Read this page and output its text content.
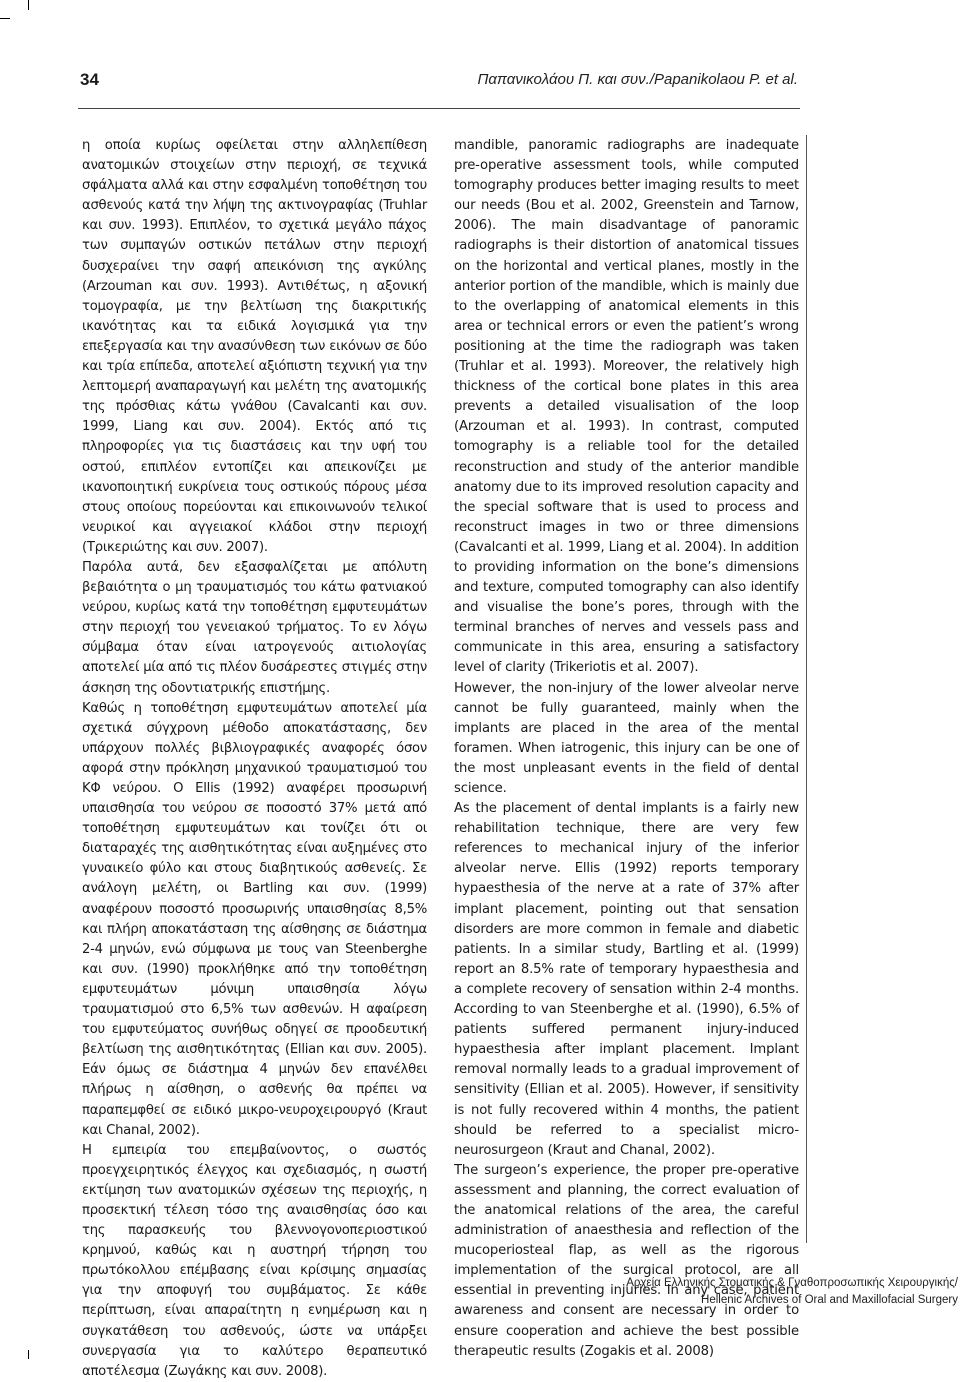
34	Παπανικολάου Π. και συν./Papanikolaou P. et al.

η οποία κυρίως οφείλεται στην αλληλεπίθεση ανατομικών στοιχείων στην περιοχή, σε τεχνικά σφάλματα αλλά και στην εσφαλμένη τοποθέτηση του ασθενούς κατά την λήψη της ακτινογραφίας (Truhlar και συν. 1993). Επιπλέον, το σχετικά μεγάλο πάχος των συμπαγών οστικών πετάλων στην περιοχή δυσχεραίνει την σαφή απεικόνιση της αγκύλης (Arzouman και συν. 1993). Αντιθέτως, η αξονική τομογραφία, με την βελτίωση της διακριτικής ικανότητας και τα ειδικά λογισμικά για την επεξεργασία και την ανασύνθεση των εικόνων σε δύο και τρία επίπεδα, αποτελεί αξιόπιστη τεχνική για την λεπτομερή αναπαραγωγή και μελέτη της ανατομικής της πρόσθιας κάτω γνάθου (Cavalcanti και συν. 1999, Liang και συν. 2004). Εκτός από τις πληροφορίες για τις διαστάσεις και την υφή του οστού, επιπλέον εντοπίζει και απεικονίζει με ικανοποιητική ευκρίνεια τους οστικούς πόρους μέσα στους οποίους πορεύονται και επικοινωνούν τελικοί νευρικοί και αγγειακοί κλάδοι στην περιοχή (Τρικεριώτης και συν. 2007).

Παρόλα αυτά, δεν εξασφαλίζεται με απόλυτη βεβαιότητα ο μη τραυματισμός του κάτω φατνιακού νεύρου, κυρίως κατά την τοποθέτηση εμφυτευμάτων στην περιοχή του γενειακού τρήματος. Το εν λόγω σύμβαμα όταν είναι ιατρογενούς αιτιολογίας αποτελεί μία από τις πλέον δυσάρεστες στιγμές στην άσκηση της οδοντιατρικής επιστήμης.

Καθώς η τοποθέτηση εμφυτευμάτων αποτελεί μία σχετικά σύγχρονη μέθοδο αποκατάστασης, δεν υπάρχουν πολλές βιβλιογραφικές αναφορές όσον αφορά στην πρόκληση μηχανικού τραυματισμού του ΚΦ νεύρου. Ο Ellis (1992) αναφέρει προσωρινή υπαισθησία του νεύρου σε ποσοστό 37% μετά από τοποθέτηση εμφυτευμάτων και τονίζει ότι οι διαταραχές της αισθητικότητας είναι αυξημένες στο γυναικείο φύλο και στους διαβητικούς ασθενείς. Σε ανάλογη μελέτη, οι Bartling και συν. (1999) αναφέρουν ποσοστό προσωρινής υπαισθησίας 8,5% και πλήρη αποκατάσταση της αίσθησης σε διάστημα 2-4 μηνών, ενώ σύμφωνα με τους van Steenberghe και συν. (1990) προκλήθηκε από την τοποθέτηση εμφυτευμάτων μόνιμη υπαισθησία λόγω τραυματισμού στο 6,5% των ασθενών. Η αφαίρεση του εμφυτεύματος συνήθως οδηγεί σε προοδευτική βελτίωση της αισθητικότητας (Ellian και συν. 2005). Εάν όμως σε διάστημα 4 μηνών δεν επανέλθει πλήρως η αίσθηση, ο ασθενής θα πρέπει να παραπεμφθεί σε ειδικό μικρο-νευροχειρουργό (Kraut και Chanal, 2002).

Η εμπειρία του επεμβαίνοντος, ο σωστός προεγχειρητικός έλεγχος και σχεδιασμός, η σωστή εκτίμηση των ανατομικών σχέσεων της περιοχής, η προσεκτική τέλεση τόσο της αναισθησίας όσο και της παρασκευής του βλεννογονοπεριοστικού κρημνού, καθώς και η αυστηρή τήρηση του πρωτόκολλου επέμβασης είναι κρίσιμης σημασίας για την αποφυγή του συμβάματος. Σε κάθε περίπτωση, είναι απαραίτητη η ενημέρωση και η συγκατάθεση του ασθενούς, ώστε να υπάρξει συνεργασία για το καλύτερο θεραπευτικό αποτέλεσμα (Ζωγάκης και συν. 2008).

mandible, panoramic radiographs are inadequate pre-operative assessment tools, while computed tomography produces better imaging results to meet our needs (Bou et al. 2002, Greenstein and Tarnow, 2006). The main disadvantage of panoramic radiographs is their distortion of anatomical tissues on the horizontal and vertical planes, mostly in the anterior portion of the mandible, which is mainly due to the overlapping of anatomical elements in this area or technical errors or even the patient’s wrong positioning at the time the radiograph was taken (Truhlar et al. 1993). Moreover, the relatively high thickness of the cortical bone plates in this area prevents a detailed visualisation of the loop (Arzouman et al. 1993). In contrast, computed tomography is a reliable tool for the detailed reconstruction and study of the anterior mandible anatomy due to its improved resolution capacity and the special software that is used to process and reconstruct images in two or three dimensions (Cavalcanti et al. 1999, Liang et al. 2004). In addition to providing information on the bone’s dimensions and texture, computed tomography can also identify and visualise the bone’s pores, through with the terminal branches of nerves and vessels pass and communicate in this area, ensuring a satisfactory level of clarity (Trikeriotis et al. 2007).

However, the non-injury of the lower alveolar nerve cannot be fully guaranteed, mainly when the implants are placed in the area of the mental foramen. When iatrogenic, this injury can be one of the most unpleasant events in the field of dental science.

As the placement of dental implants is a fairly new rehabilitation technique, there are very few references to mechanical injury of the inferior alveolar nerve. Ellis (1992) reports temporary hypaesthesia of the nerve at a rate of 37% after implant placement, pointing out that sensation disorders are more common in female and diabetic patients. In a similar study, Bartling et al. (1999) report an 8.5% rate of temporary hypaesthesia and a complete recovery of sensation within 2-4 months. According to van Steenberghe et al. (1990), 6.5% of patients suffered permanent injury-induced hypaesthesia after implant placement. Implant removal normally leads to a gradual improvement of sensitivity (Ellian et al. 2005). However, if sensitivity is not fully recovered within 4 months, the patient should be referred to a specialist micro-neurosurgeon (Kraut and Chanal, 2002).

The surgeon’s experience, the proper pre-operative assessment and planning, the correct evaluation of the anatomical relations of the area, the careful administration of anaesthesia and reflection of the mucoperiosteal flap, as well as the rigorous implementation of the surgical protocol, are all essential in preventing injuries. In any case, patient awareness and consent are necessary in order to ensure cooperation and achieve the best possible therapeutic results (Zogakis et al. 2008)

Αρχεία Ελληνικής Στοματικής & Γναθοπροσωπικής Χειρουργικής/
Hellenic Archives of Oral and Maxillofacial Surgery
